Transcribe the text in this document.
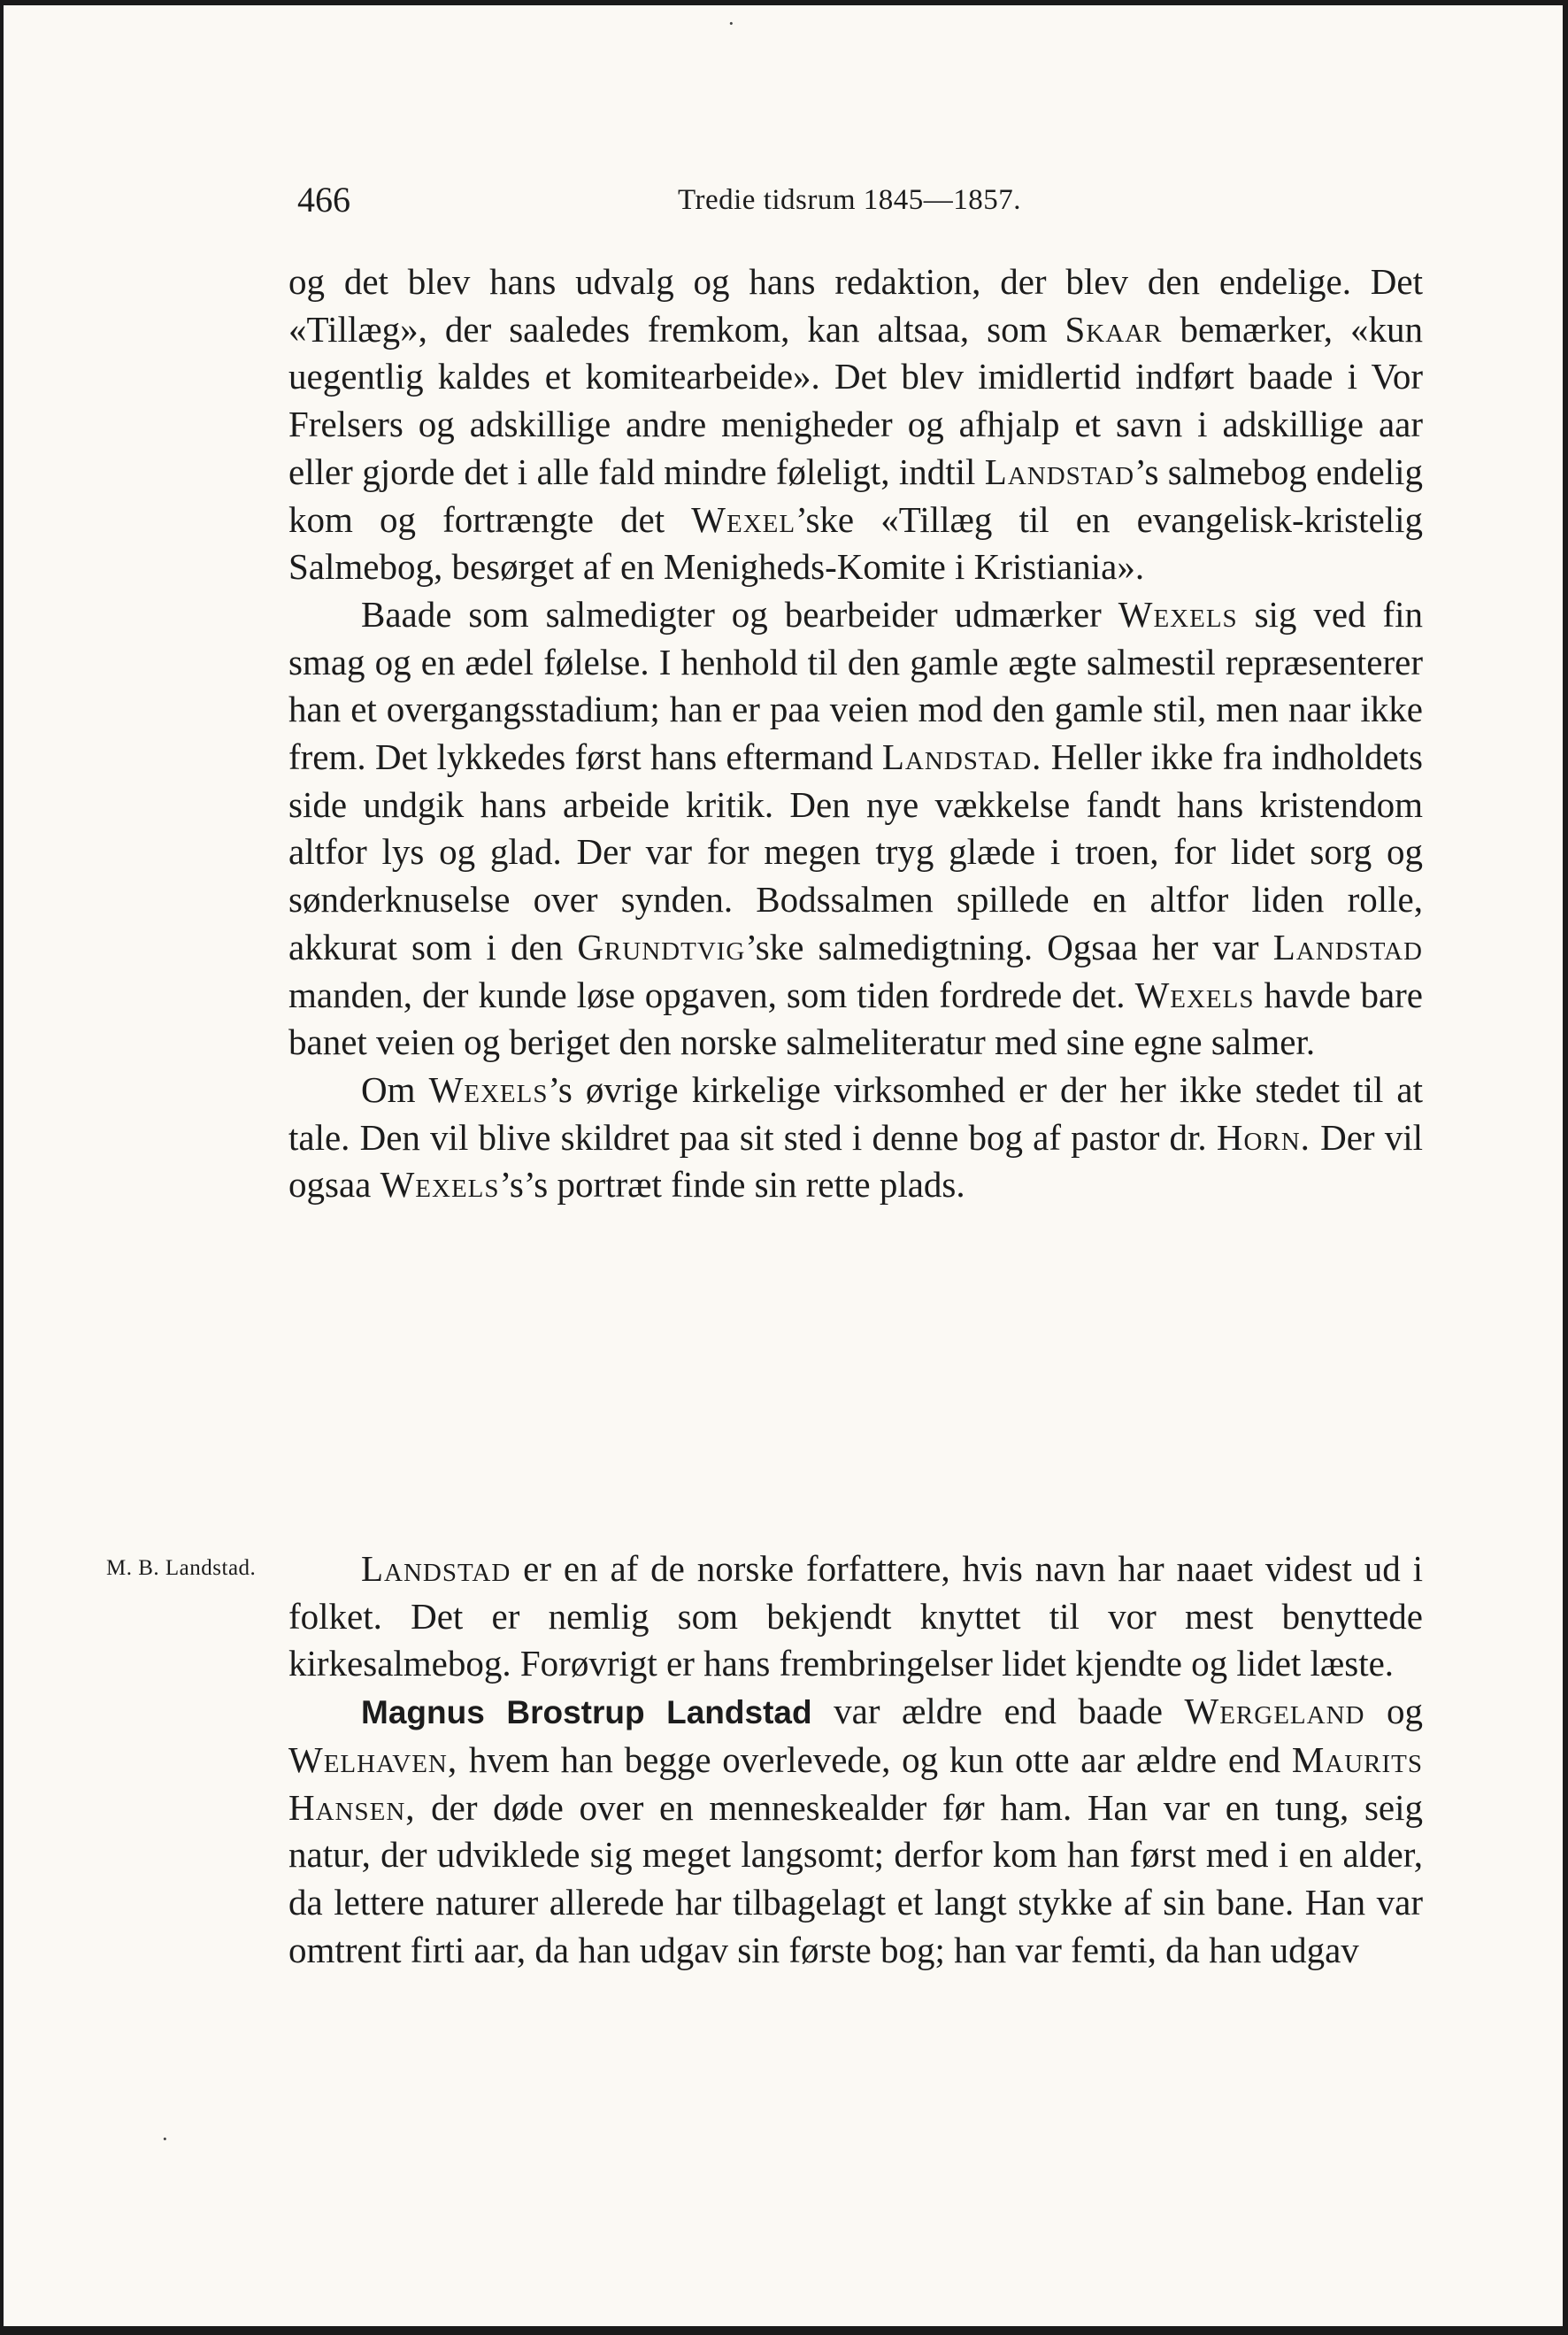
466	Tredie tidsrum 1845—1857.

og det blev hans udvalg og hans redaktion, der blev den endelige. Det «Tillæg», der saaledes fremkom, kan altsaa, som Skaar bemærker, «kun uegentlig kaldes et komitearbeide». Det blev imidlertid indført baade i Vor Frelsers og adskillige andre menigheder og afhjalp et savn i adskillige aar eller gjorde det i alle fald mindre føleligt, indtil Landstad’s salmebog endelig kom og fortrængte det Wexel’ske «Tillæg til en evangelisk-kristelig Salmebog, besørget af en Menigheds-Komite i Kristiania».

Baade som salmedigter og bearbeider udmærker Wexels sig ved fin smag og en ædel følelse. I henhold til den gamle ægte salmestil repræsenterer han et overgangsstadium; han er paa veien mod den gamle stil, men naar ikke frem. Det lykkedes først hans eftermand Landstad. Heller ikke fra indholdets side undgik hans arbeide kritik. Den nye vækkelse fandt hans kristendom altfor lys og glad. Der var for megen tryg glæde i troen, for lidet sorg og sønderknuselse over synden. Bodssalmen spillede en altfor liden rolle, akkurat som i den Grundtvig’ske salmedigtning. Ogsaa her var Landstad manden, der kunde løse opgaven, som tiden fordrede det. Wexels havde bare banet veien og beriget den norske salmeliteratur med sine egne salmer.

Om Wexels’s øvrige kirkelige virksomhed er der her ikke stedet til at tale. Den vil blive skildret paa sit sted i denne bog af pastor dr. Horn. Der vil ogsaa Wexels’s’s portræt finde sin rette plads.

M. B. Landstad.	Landstad er en af de norske forfattere, hvis navn har naaet videst ud i folket. Det er nemlig som bekjendt knyttet til vor mest benyttede kirkesalmebog. Forøvrigt er hans frembringelser lidet kjendte og lidet læste.

Magnus Brostrup Landstad var ældre end baade Wergeland og Welhaven, hvem han begge overlevede, og kun otte aar ældre end Maurits Hansen, der døde over en menneskealder før ham. Han var en tung, seig natur, der udviklede sig meget langsomt; derfor kom han først med i en alder, da lettere naturer allerede har tilbagelagt et langt stykke af sin bane. Han var omtrent firti aar, da han udgav sin første bog; han var femti, da han udgav

·
·
